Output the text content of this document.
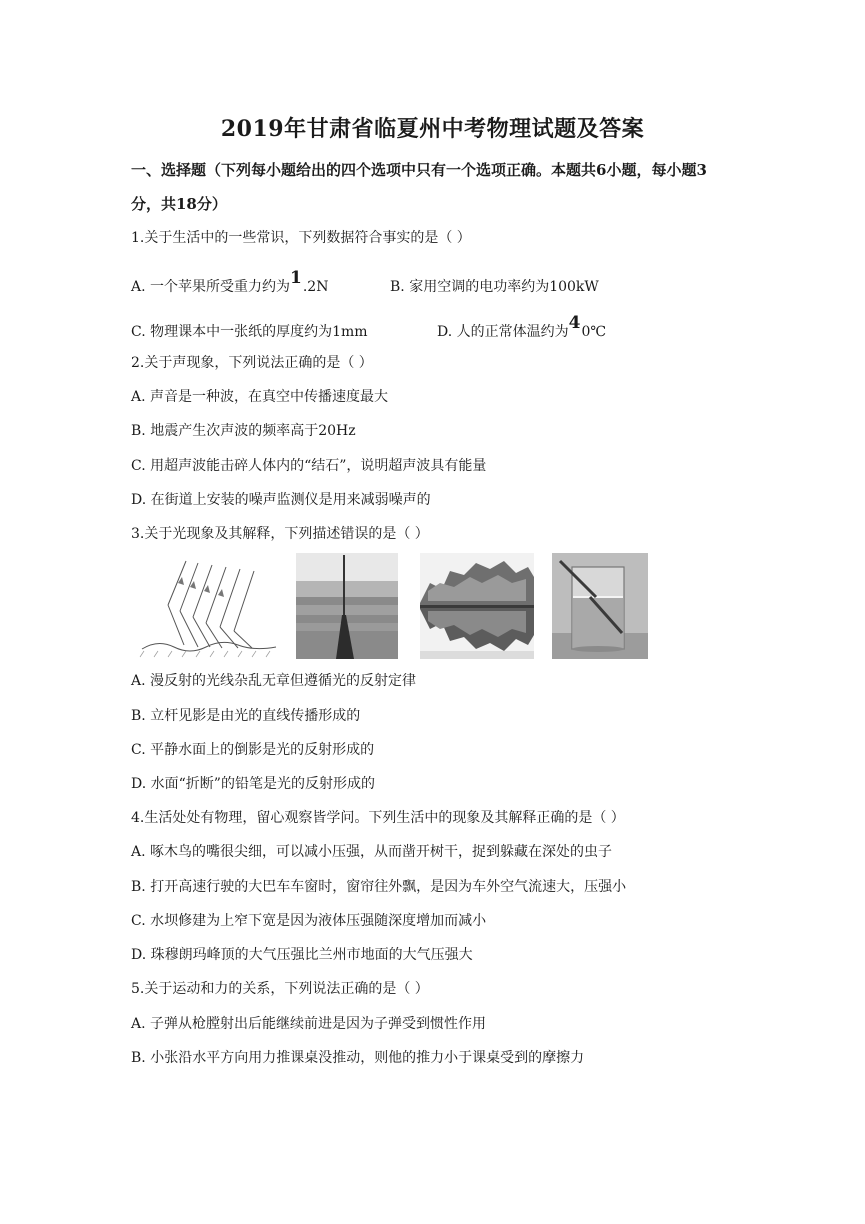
2019年甘肃省临夏州中考物理试题及答案
一、选择题（下列每小题给出的四个选项中只有一个选项正确。本题共6小题，每小题3
分，共18分）
1.关于生活中的一些常识，下列数据符合事实的是（ ）
A. 一个苹果所受重力约为1.2N	B. 家用空调的电功率约为100kW
C. 物理课本中一张纸的厚度约为1mm	D. 人的正常体温约为40℃
2.关于声现象，下列说法正确的是（ ）
A. 声音是一种波，在真空中传播速度最大
B. 地震产生次声波的频率高于20Hz
C. 用超声波能击碎人体内的“结石”，说明超声波具有能量
D. 在街道上安装的噪声监测仪是用来减弱噪声的
3.关于光现象及其解释，下列描述错误的是（ ）
A. 漫反射的光线杂乱无章但遵循光的反射定律
B. 立杆见影是由光的直线传播形成的
C. 平静水面上的倒影是光的反射形成的
D. 水面“折断”的铅笔是光的反射形成的
4.生活处处有物理，留心观察皆学问。下列生活中的现象及其解释正确的是（ ）
A. 啄木鸟的嘴很尖细，可以减小压强，从而凿开树干，捉到躲藏在深处的虫子
B. 打开高速行驶的大巴车车窗时，窗帘往外飘，是因为车外空气流速大，压强小
C. 水坝修建为上窄下宽是因为液体压强随深度增加而减小
D. 珠穆朗玛峰顶的大气压强比兰州市地面的大气压强大
5.关于运动和力的关系，下列说法正确的是（ ）
A. 子弹从枪膛射出后能继续前进是因为子弹受到惯性作用
B. 小张沿水平方向用力推课桌没推动，则他的推力小于课桌受到的摩擦力
